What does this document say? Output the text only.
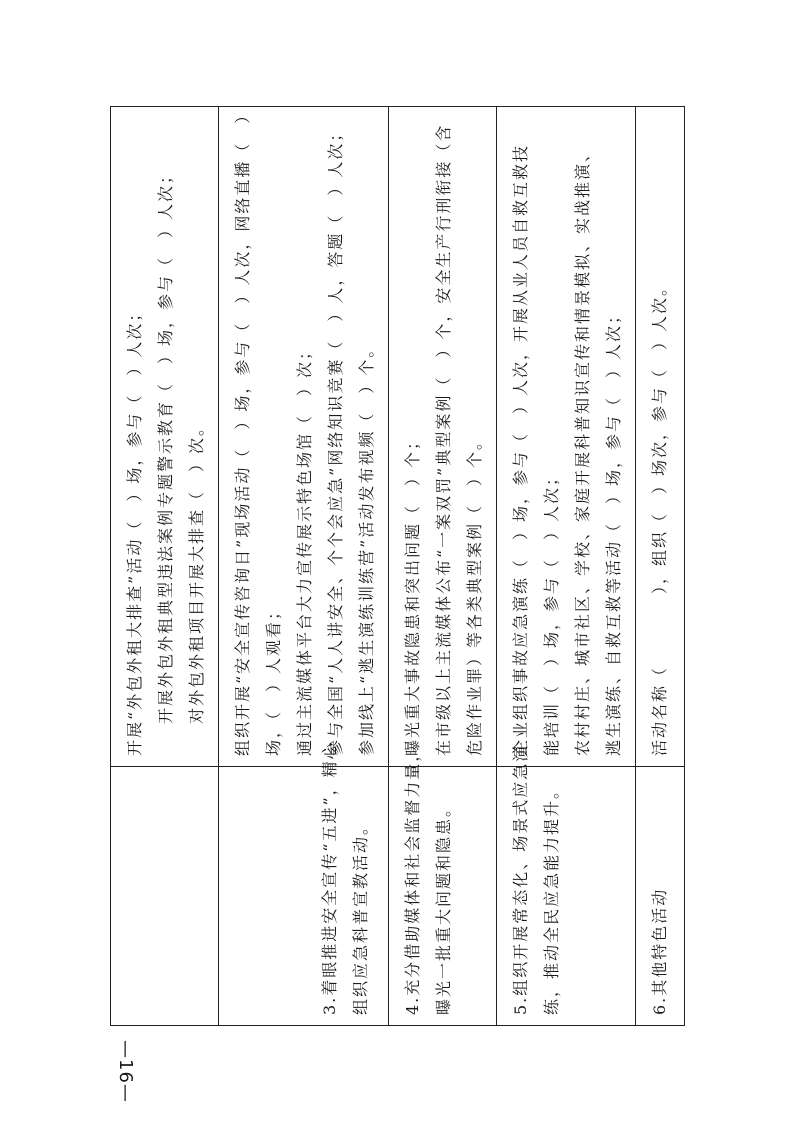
	开展“外包外租大排查”活动（　）场，参与（　）人次； 开展外包外租典型违法案例专题警示教育（　）场，参与（　）人次； 对外包外租项目开展大排查（　）次。

3.着眼推进安全宣传“五进”，精心 组织应急科普宣教活动。	组织开展“安全宣传咨询日”现场活动（　）场，参与（　）人次，网络直播（　） 场，（　）人观看； 通过主流媒体平台大力宣传展示特色场馆（　）次； 参与全国“人人讲安全、个个会应急”网络知识竞赛（　）人，答题（　）人次； 参加线上“逃生演练训练营”活动发布视频（　）个。

4.充分借助媒体和社会监督力量， 曝光一批重大问题和隐患。	曝光重大事故隐患和突出问题（　）个； 在市级以上主流媒体公布“一案双罚”典型案例（　）个，安全生产行刑衔接（含 危险作业罪）等各类典型案例（　）个。

5.组织开展常态化、场景式应急演 练，推动全民应急能力提升。	企业组织事故应急演练（　）场，参与（　）人次，开展从业人员自救互救技 能培训（　）场，参与（　）人次； 农村村庄、城市社区、学校、家庭开展科普知识宣传和情景模拟、实战推演、 逃生演练、自救互救等活动（　）场，参与（　）人次；

6.其他特色活动	活动名称（　　　　），组织（　）场次，参与（　）人次。
—16—
